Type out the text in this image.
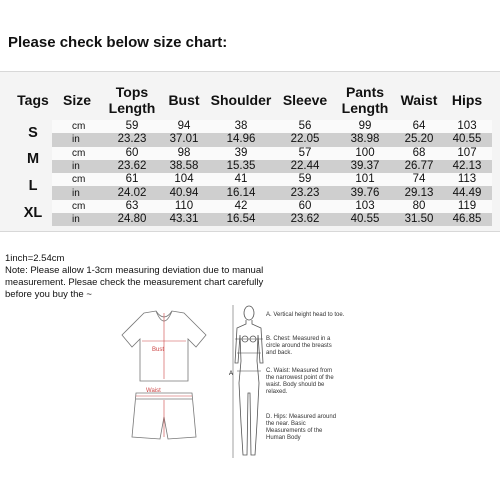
Please check below size chart:
Tags	Size	Tops Length	Bust	Shoulder	Sleeve	Pants Length	Waist	Hips
S	cm	59	94	38	56	99	64	103
	in	23.23	37.01	14.96	22.05	38.98	25.20	40.55
M	cm	60	98	39	57	100	68	107
	in	23.62	38.58	15.35	22.44	39.37	26.77	42.13
L	cm	61	104	41	59	101	74	113
	in	24.02	40.94	16.14	23.23	39.76	29.13	44.49
XL	cm	63	110	42	60	103	80	119
	in	24.80	43.31	16.54	23.62	40.55	31.50	46.85
1inch=2.54cm
Note: Please allow 1-3cm measuring deviation due to manual
measurement. Plesae check the measurement chart carefully
before you buy the ~
Bust
Waist
A
A. Vertical height head to toe.
B. Chest: Measured in a circle around the breasts and back.
C. Waist: Measured from the narrowest point of the waist. Body should be relaxed.
D. Hips: Measured around the near. Basic Measurements of the Human Body
